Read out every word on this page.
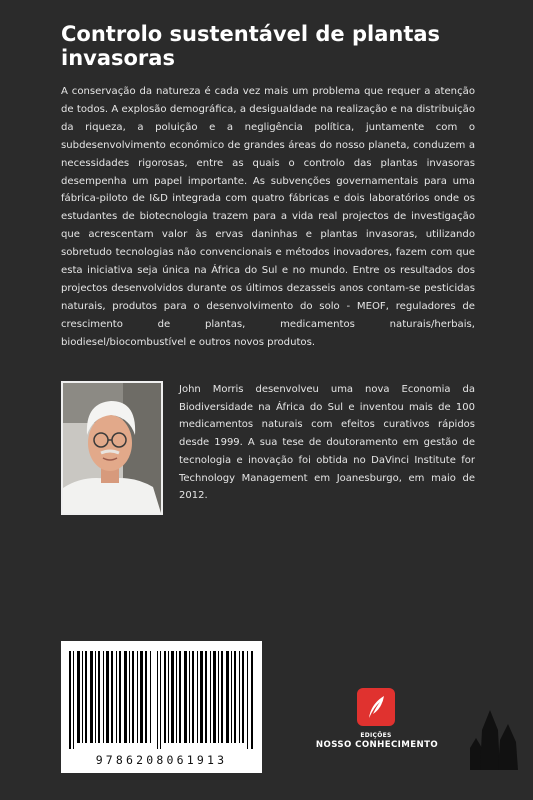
Controlo sustentável de plantas invasoras

A conservação da natureza é cada vez mais um problema que requer a atenção de todos. A explosão demográfica, a desigualdade na realização e na distribuição da riqueza, a poluição e a negligência política, juntamente com o subdesenvolvimento económico de grandes áreas do nosso planeta, conduzem a necessidades rigorosas, entre as quais o controlo das plantas invasoras desempenha um papel importante. As subvenções governamentais para uma fábrica-piloto de I&D integrada com quatro fábricas e dois laboratórios onde os estudantes de biotecnologia trazem para a vida real projectos de investigação que acrescentam valor às ervas daninhas e plantas invasoras, utilizando sobretudo tecnologias não convencionais e métodos inovadores, fazem com que esta iniciativa seja única na África do Sul e no mundo. Entre os resultados dos projectos desenvolvidos durante os últimos dezasseis anos contam-se pesticidas naturais, produtos para o desenvolvimento do solo - MEOF, reguladores de crescimento de plantas, medicamentos naturais/herbais, biodiesel/biocombustível e outros novos produtos.

John Morris desenvolveu uma nova Economia da Biodiversidade na África do Sul e inventou mais de 100 medicamentos naturais com efeitos curativos rápidos desde 1999. A sua tese de doutoramento em gestão de tecnologia e inovação foi obtida no DaVinci Institute for Technology Management em Joanesburgo, em maio de 2012.

9786208061913
EDIÇÕES
NOSSO CONHECIMENTO
